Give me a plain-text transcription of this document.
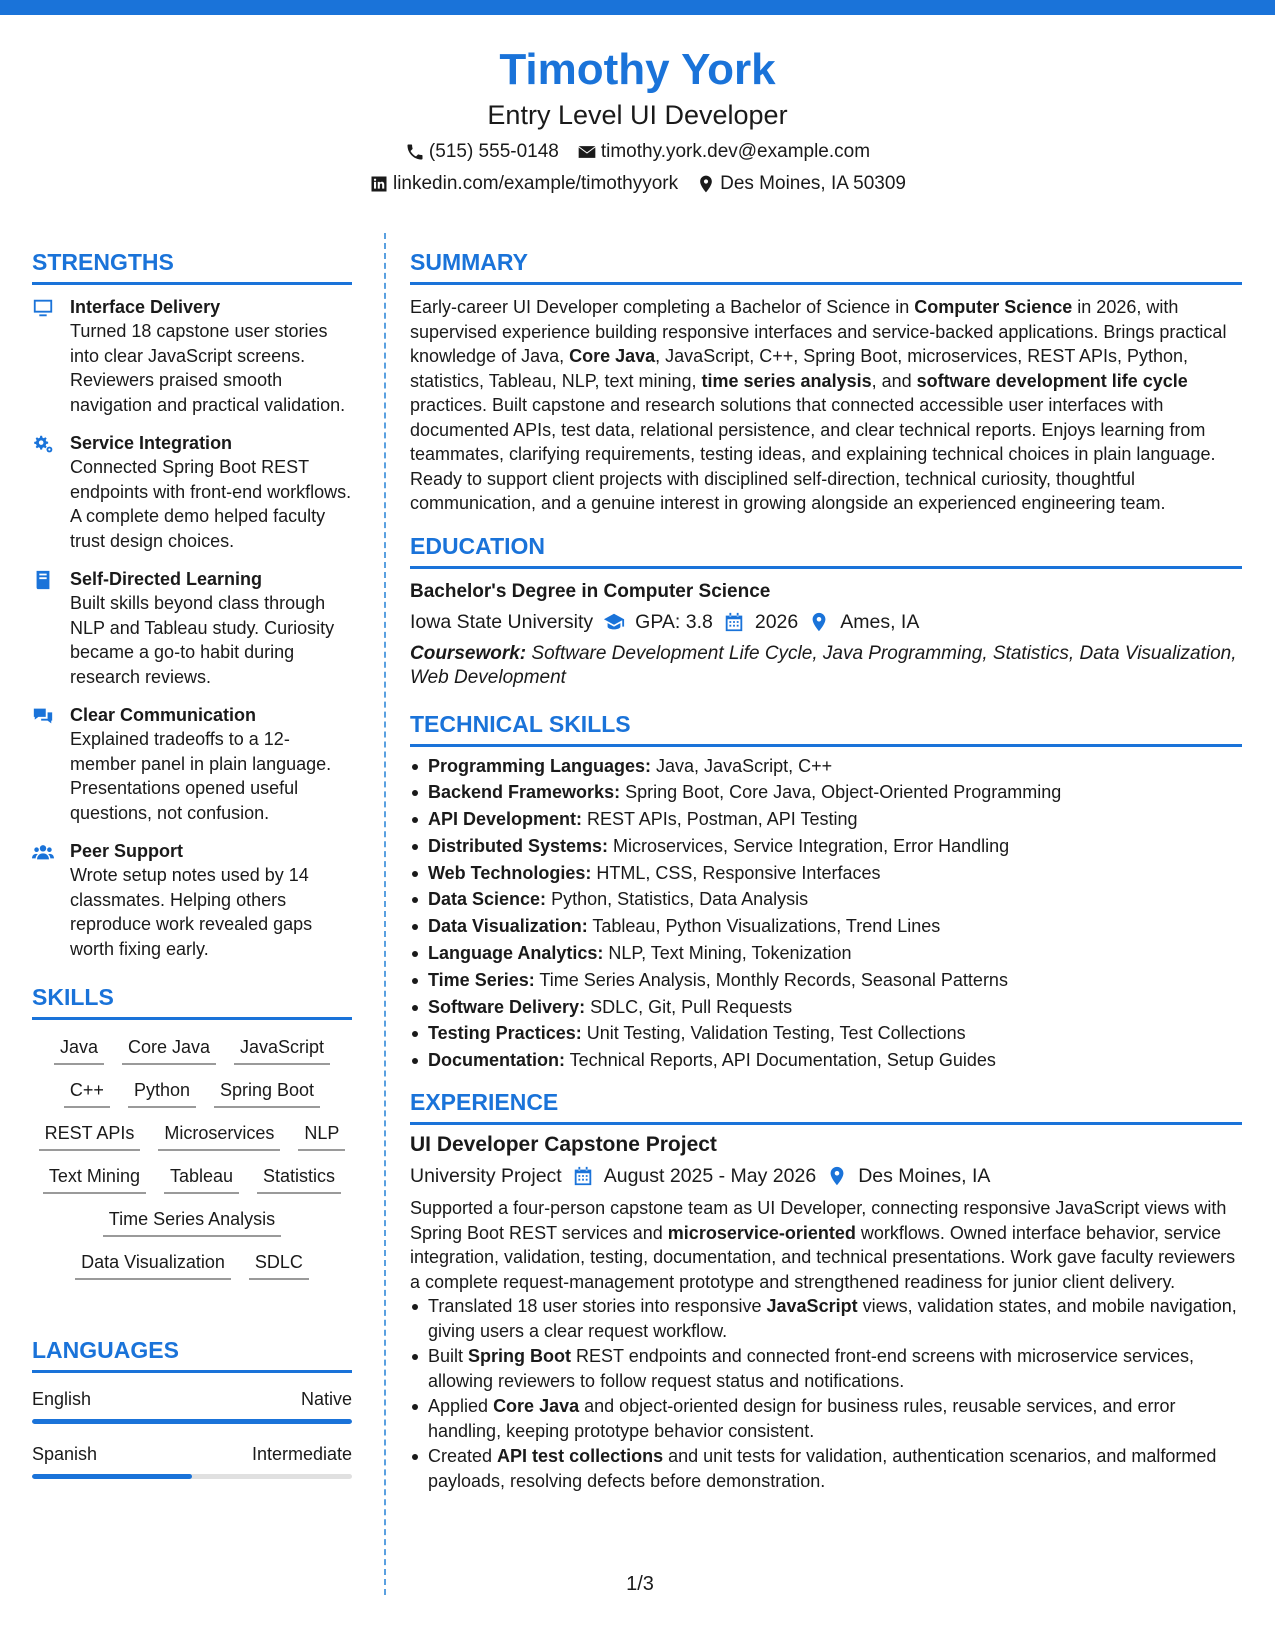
Timothy York
Entry Level UI Developer
(515) 555-0148 timothy.york.dev@example.com
linkedin.com/example/timothyyork Des Moines, IA 50309
STRENGTHS
Interface Delivery
Turned 18 capstone user stories into clear JavaScript screens. Reviewers praised smooth navigation and practical validation.
Service Integration
Connected Spring Boot REST endpoints with front-end workflows. A complete demo helped faculty trust design choices.
Self-Directed Learning
Built skills beyond class through NLP and Tableau study. Curiosity became a go-to habit during research reviews.
Clear Communication
Explained tradeoffs to a 12-member panel in plain language. Presentations opened useful questions, not confusion.
Peer Support
Wrote setup notes used by 14 classmates. Helping others reproduce work revealed gaps worth fixing early.
SKILLS
Java	Core Java	JavaScript
C++	Python	Spring Boot
REST APIs	Microservices	NLP
Text Mining	Tableau	Statistics
Time Series Analysis
Data Visualization	SDLC
LANGUAGES
English	Native
Spanish	Intermediate
SUMMARY
Early-career UI Developer completing a Bachelor of Science in Computer Science in 2026, with supervised experience building responsive interfaces and service-backed applications. Brings practical knowledge of Java, Core Java, JavaScript, C++, Spring Boot, microservices, REST APIs, Python, statistics, Tableau, NLP, text mining, time series analysis, and software development life cycle practices. Built capstone and research solutions that connected accessible user interfaces with documented APIs, test data, relational persistence, and clear technical reports. Enjoys learning from teammates, clarifying requirements, testing ideas, and explaining technical choices in plain language. Ready to support client projects with disciplined self-direction, technical curiosity, thoughtful communication, and a genuine interest in growing alongside an experienced engineering team.
EDUCATION
Bachelor's Degree in Computer Science
Iowa State University GPA: 3.8 2026 Ames, IA
Coursework: Software Development Life Cycle, Java Programming, Statistics, Data Visualization, Web Development
TECHNICAL SKILLS
Programming Languages: Java, JavaScript, C++
Backend Frameworks: Spring Boot, Core Java, Object-Oriented Programming
API Development: REST APIs, Postman, API Testing
Distributed Systems: Microservices, Service Integration, Error Handling
Web Technologies: HTML, CSS, Responsive Interfaces
Data Science: Python, Statistics, Data Analysis
Data Visualization: Tableau, Python Visualizations, Trend Lines
Language Analytics: NLP, Text Mining, Tokenization
Time Series: Time Series Analysis, Monthly Records, Seasonal Patterns
Software Delivery: SDLC, Git, Pull Requests
Testing Practices: Unit Testing, Validation Testing, Test Collections
Documentation: Technical Reports, API Documentation, Setup Guides
EXPERIENCE
UI Developer Capstone Project
University Project August 2025 - May 2026 Des Moines, IA
Supported a four-person capstone team as UI Developer, connecting responsive JavaScript views with Spring Boot REST services and microservice-oriented workflows. Owned interface behavior, service integration, validation, testing, documentation, and technical presentations. Work gave faculty reviewers a complete request-management prototype and strengthened readiness for junior client delivery.
Translated 18 user stories into responsive JavaScript views, validation states, and mobile navigation, giving users a clear request workflow.
Built Spring Boot REST endpoints and connected front-end screens with microservice services, allowing reviewers to follow request status and notifications.
Applied Core Java and object-oriented design for business rules, reusable services, and error handling, keeping prototype behavior consistent.
Created API test collections and unit tests for validation, authentication scenarios, and malformed payloads, resolving defects before demonstration.
1/3
